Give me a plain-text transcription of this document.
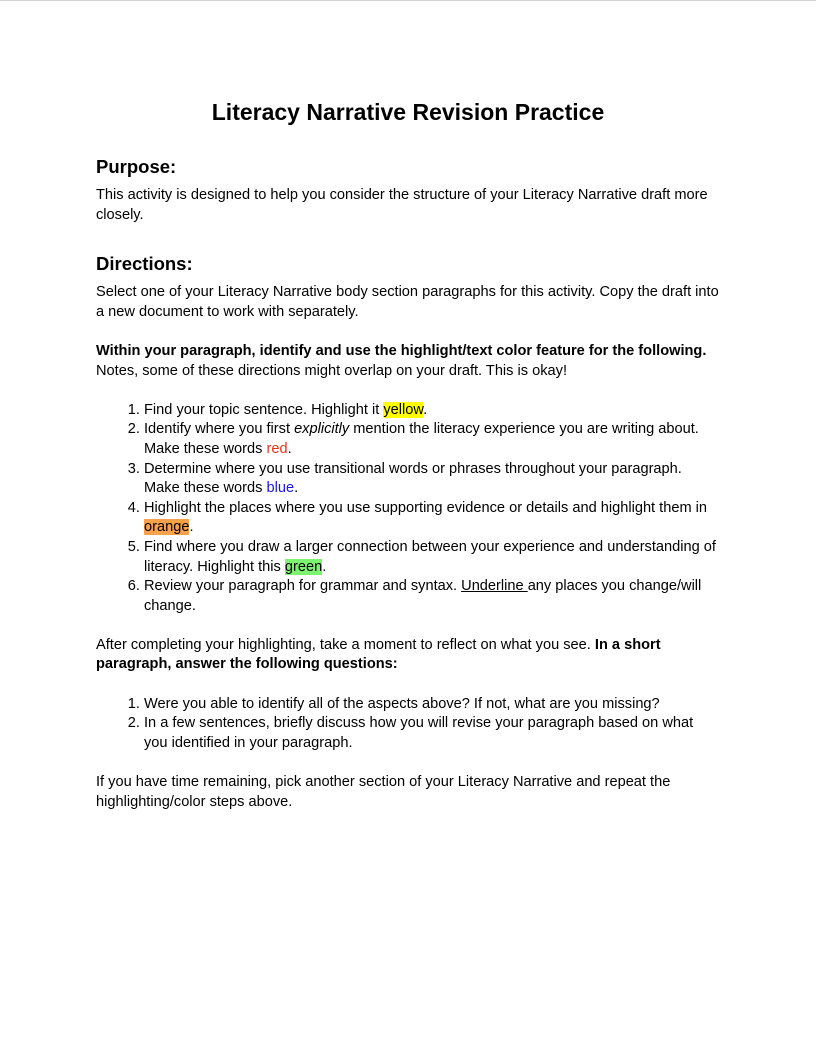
Literacy Narrative Revision Practice
Purpose:

This activity is designed to help you consider the structure of your Literacy Narrative draft more closely.

Directions:

Select one of your Literacy Narrative body section paragraphs for this activity. Copy the draft into a new document to work with separately.

Within your paragraph, identify and use the highlight/text color feature for the following. Notes, some of these directions might overlap on your draft. This is okay!

1. Find your topic sentence. Highlight it yellow.
2. Identify where you first explicitly mention the literacy experience you are writing about. Make these words red.
3. Determine where you use transitional words or phrases throughout your paragraph. Make these words blue.
4. Highlight the places where you use supporting evidence or details and highlight them in orange.
5. Find where you draw a larger connection between your experience and understanding of literacy. Highlight this green.
6. Review your paragraph for grammar and syntax. Underline any places you change/will change.

After completing your highlighting, take a moment to reflect on what you see. In a short paragraph, answer the following questions:

1. Were you able to identify all of the aspects above? If not, what are you missing?
2. In a few sentences, briefly discuss how you will revise your paragraph based on what you identified in your paragraph.

If you have time remaining, pick another section of your Literacy Narrative and repeat the highlighting/color steps above.
